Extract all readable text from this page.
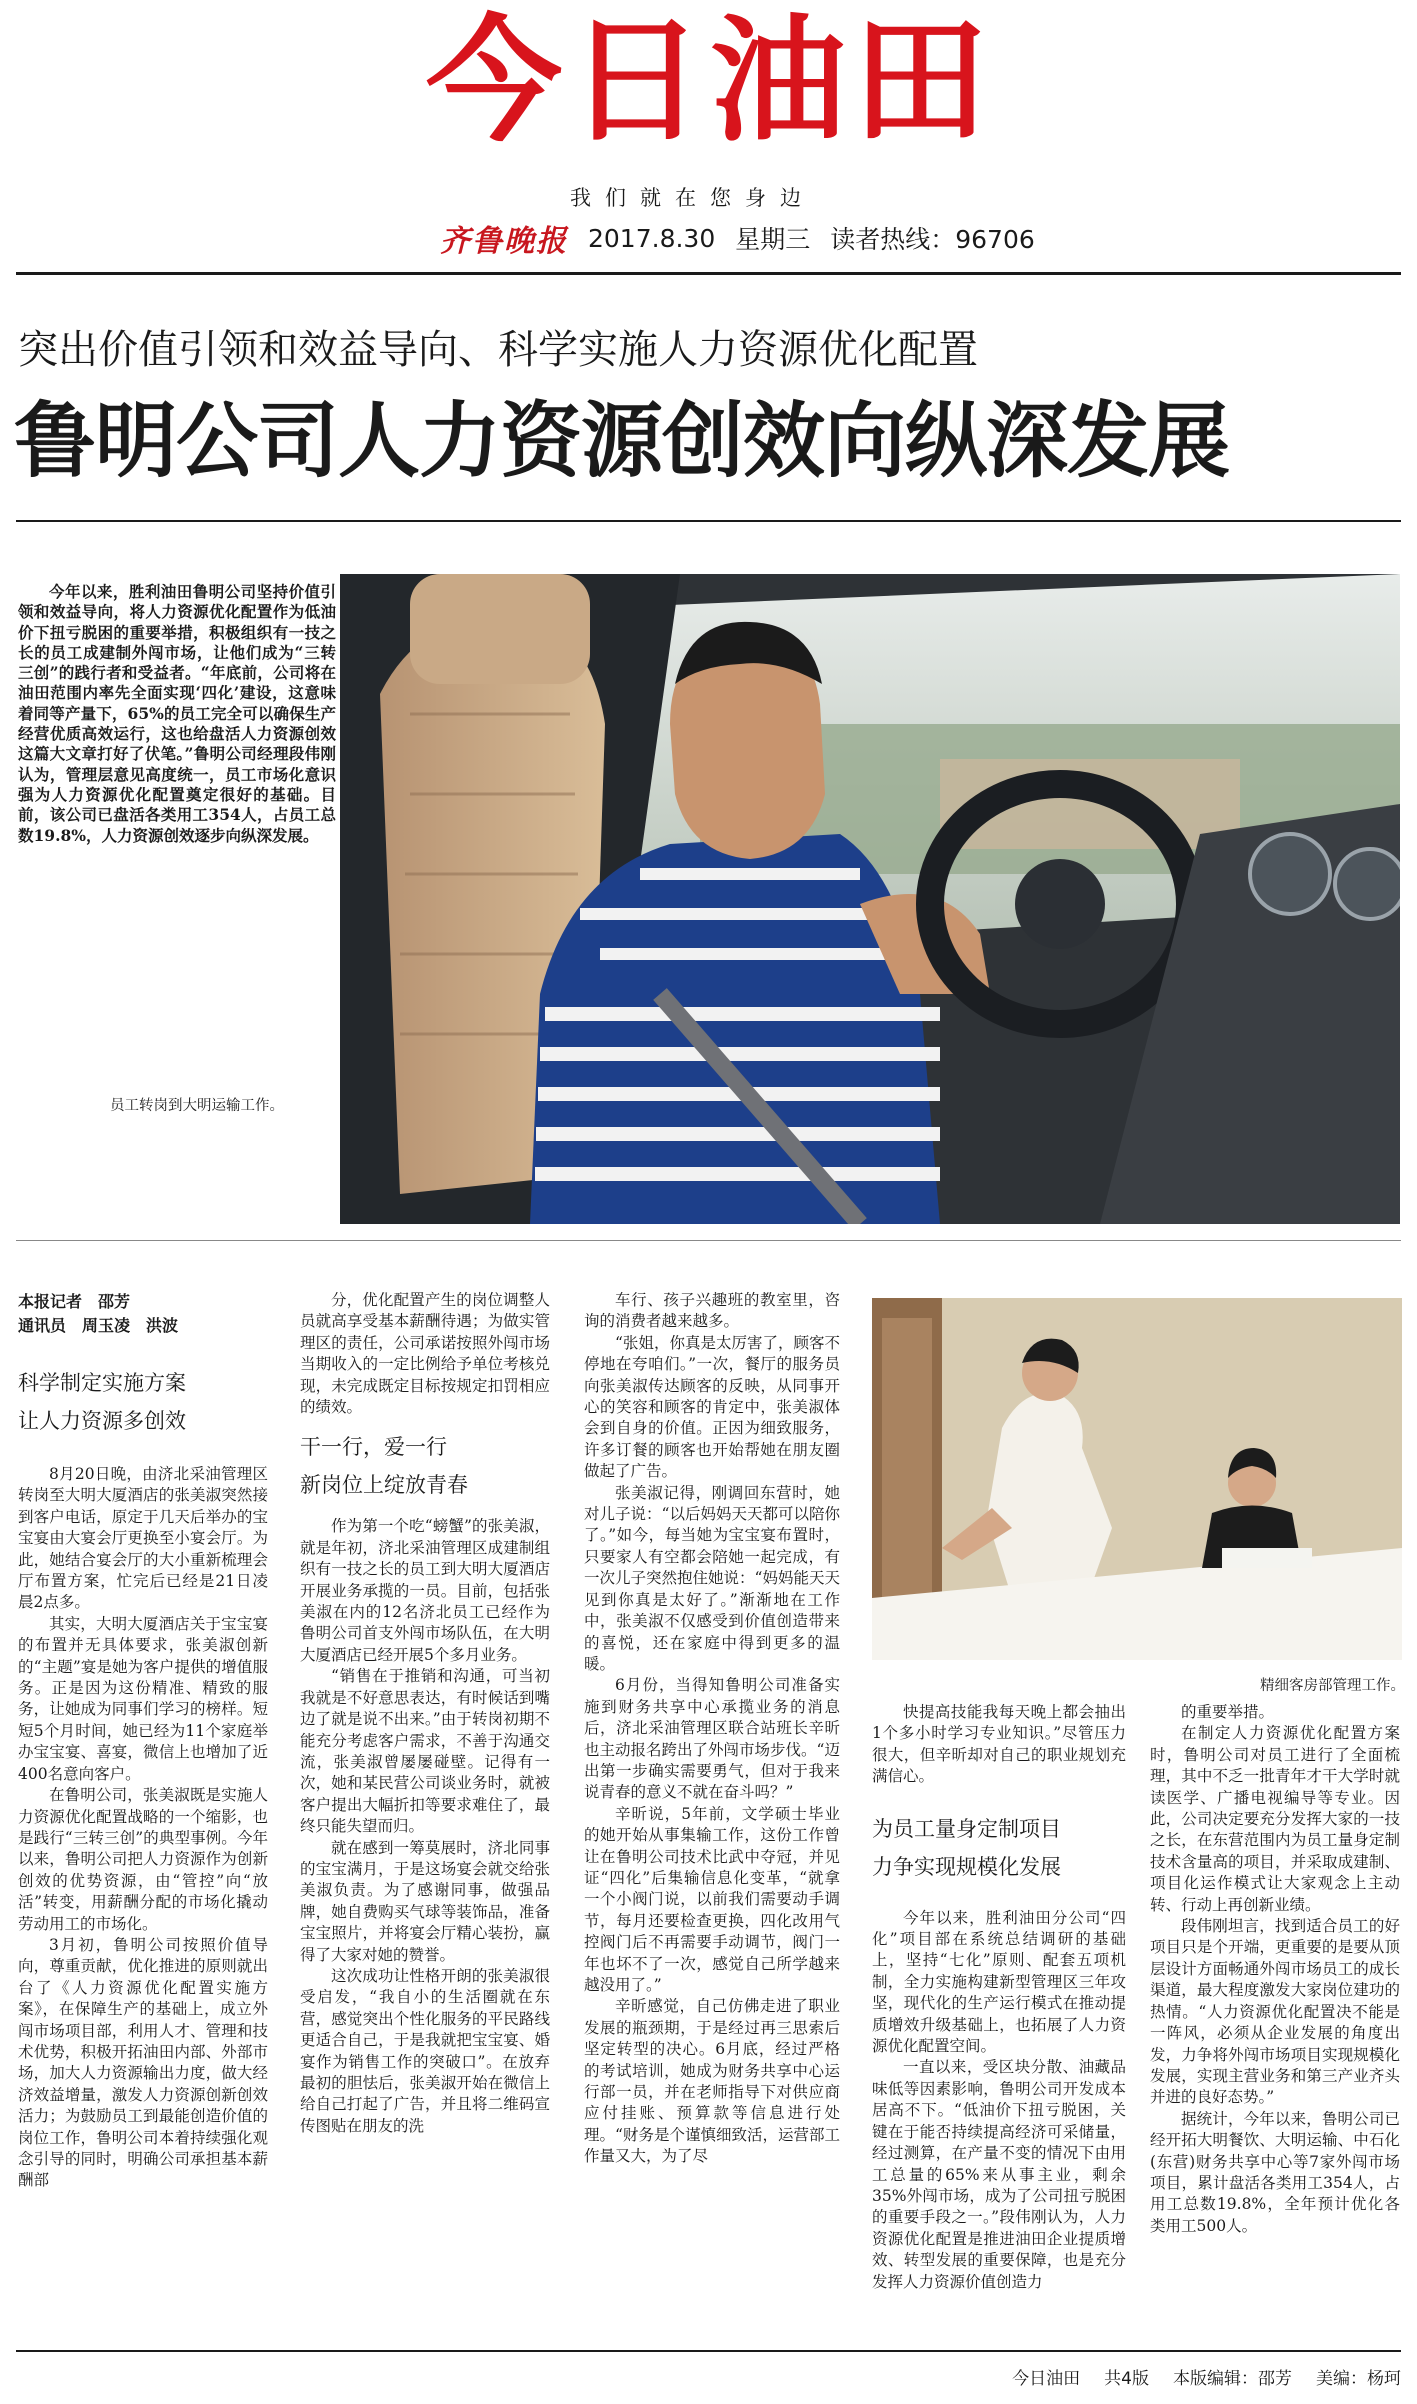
今日油田
我们就在您身边
齐鲁晚报 2017.8.30 星期三 读者热线：96706
突出价值引领和效益导向、科学实施人力资源优化配置
鲁明公司人力资源创效向纵深发展

今年以来，胜利油田鲁明公司坚持价值引领和效益导向，将人力资源优化配置作为低油价下扭亏脱困的重要举措，积极组织有一技之长的员工成建制外闯市场，让他们成为“三转三创”的践行者和受益者。“年底前，公司将在油田范围内率先全面实现‘四化’建设，这意味着同等产量下，65%的员工完全可以确保生产经营优质高效运行，这也给盘活人力资源创效这篇大文章打好了伏笔。”鲁明公司经理段伟刚认为，管理层意见高度统一，员工市场化意识强为人力资源优化配置奠定很好的基础。目前，该公司已盘活各类用工354人，占员工总数19.8%，人力资源创效逐步向纵深发展。

员工转岗到大明运输工作。
本报记者　邵芳
通讯员　周玉凌　洪波
科学制定实施方案
让人力资源多创效

8月20日晚，由济北采油管理区转岗至大明大厦酒店的张美淑突然接到客户电话，原定于几天后举办的宝宝宴由大宴会厅更换至小宴会厅。为此，她结合宴会厅的大小重新梳理会厅布置方案，忙完后已经是21日凌晨2点多。

其实，大明大厦酒店关于宝宝宴的布置并无具体要求，张美淑创新的“主题”宴是她为客户提供的增值服务。正是因为这份精准、精致的服务，让她成为同事们学习的榜样。短短5个月时间，她已经为11个家庭举办宝宝宴、喜宴，微信上也增加了近400名意向客户。

在鲁明公司，张美淑既是实施人力资源优化配置战略的一个缩影，也是践行“三转三创”的典型事例。今年以来，鲁明公司把人力资源作为创新创效的优势资源，由“管控”向“放活”转变，用薪酬分配的市场化撬动劳动用工的市场化。

3月初，鲁明公司按照价值导向，尊重贡献，优化推进的原则就出台了《人力资源优化配置实施方案》，在保障生产的基础上，成立外闯市场项目部，利用人才、管理和技术优势，积极开拓油田内部、外部市场，加大人力资源输出力度，做大经济效益增量，激发人力资源创新创效活力；为鼓励员工到最能创造价值的岗位工作，鲁明公司本着持续强化观念引导的同时，明确公司承担基本薪酬部

分，优化配置产生的岗位调整人员就高享受基本薪酬待遇；为做实管理区的责任，公司承诺按照外闯市场当期收入的一定比例给予单位考核兑现，未完成既定目标按规定扣罚相应的绩效。

干一行，爱一行
新岗位上绽放青春

作为第一个吃“螃蟹”的张美淑，就是年初，济北采油管理区成建制组织有一技之长的员工到大明大厦酒店开展业务承揽的一员。目前，包括张美淑在内的12名济北员工已经作为鲁明公司首支外闯市场队伍，在大明大厦酒店已经开展5个多月业务。

“销售在于推销和沟通，可当初我就是不好意思表达，有时候话到嘴边了就是说不出来。”由于转岗初期不能充分考虑客户需求，不善于沟通交流，张美淑曾屡屡碰壁。记得有一次，她和某民营公司谈业务时，就被客户提出大幅折扣等要求难住了，最终只能失望而归。

就在感到一筹莫展时，济北同事的宝宝满月，于是这场宴会就交给张美淑负责。为了感谢同事，做强品牌，她自费购买气球等装饰品，准备宝宝照片，并将宴会厅精心装扮，赢得了大家对她的赞誉。

这次成功让性格开朗的张美淑很受启发，“我自小的生活圈就在东营，感觉突出个性化服务的平民路线更适合自己，于是我就把宝宝宴、婚宴作为销售工作的突破口”。在放弃最初的胆怯后，张美淑开始在微信上给自己打起了广告，并且将二维码宣传图贴在朋友的洗

车行、孩子兴趣班的教室里，咨询的消费者越来越多。

“张姐，你真是太厉害了，顾客不停地在夸咱们。”一次，餐厅的服务员向张美淑传达顾客的反映，从同事开心的笑容和顾客的肯定中，张美淑体会到自身的价值。正因为细致服务，许多订餐的顾客也开始帮她在朋友圈做起了广告。

张美淑记得，刚调回东营时，她对儿子说：“以后妈妈天天都可以陪你了。”如今，每当她为宝宝宴布置时，只要家人有空都会陪她一起完成，有一次儿子突然抱住她说：“妈妈能天天见到你真是太好了。”渐渐地在工作中，张美淑不仅感受到价值创造带来的喜悦，还在家庭中得到更多的温暖。

6月份，当得知鲁明公司准备实施到财务共享中心承揽业务的消息后，济北采油管理区联合站班长辛昕也主动报名跨出了外闯市场步伐。“迈出第一步确实需要勇气，但对于我来说青春的意义不就在奋斗吗？”

辛昕说，5年前，文学硕士毕业的她开始从事集输工作，这份工作曾让在鲁明公司技术比武中夺冠，并见证“四化”后集输信息化变革，“就拿一个小阀门说，以前我们需要动手调节，每月还要检查更换，四化改用气控阀门后不再需要手动调节，阀门一年也坏不了一次，感觉自己所学越来越没用了。”

辛昕感觉，自己仿佛走进了职业发展的瓶颈期，于是经过再三思索后坚定转型的决心。6月底，经过严格的考试培训，她成为财务共享中心运行部一员，并在老师指导下对供应商应付挂账、预算款等信息进行处理。“财务是个谨慎细致活，运营部工作量又大，为了尽

精细客房部管理工作。

快提高技能我每天晚上都会抽出1个多小时学习专业知识。”尽管压力很大，但辛昕却对自己的职业规划充满信心。

为员工量身定制项目
力争实现规模化发展

今年以来，胜利油田分公司“四化”项目部在系统总结调研的基础上，坚持“七化”原则、配套五项机制，全力实施构建新型管理区三年攻坚，现代化的生产运行模式在推动提质增效升级基础上，也拓展了人力资源优化配置空间。

一直以来，受区块分散、油藏品味低等因素影响，鲁明公司开发成本居高不下。“低油价下扭亏脱困，关键在于能否持续提高经济可采储量，经过测算，在产量不变的情况下由用工总量的65%来从事主业，剩余35%外闯市场，成为了公司扭亏脱困的重要手段之一。”段伟刚认为，人力资源优化配置是推进油田企业提质增效、转型发展的重要保障，也是充分发挥人力资源价值创造力

的重要举措。

在制定人力资源优化配置方案时，鲁明公司对员工进行了全面梳理，其中不乏一批青年才干大学时就读医学、广播电视编导等专业。因此，公司决定要充分发挥大家的一技之长，在东营范围内为员工量身定制技术含量高的项目，并采取成建制、项目化运作模式让大家观念上主动转、行动上再创新业绩。

段伟刚坦言，找到适合员工的好项目只是个开端，更重要的是要从顶层设计方面畅通外闯市场员工的成长渠道，最大程度激发大家岗位建功的热情。“人力资源优化配置决不能是一阵风，必须从企业发展的角度出发，力争将外闯市场项目实现规模化发展，实现主营业务和第三产业齐头并进的良好态势。”

据统计，今年以来，鲁明公司已经开拓大明餐饮、大明运输、中石化(东营)财务共享中心等7家外闯市场项目，累计盘活各类用工354人，占用工总数19.8%，全年预计优化各类用工500人。

今日油田 共4版 本版编辑：邵芳 美编：杨珂
